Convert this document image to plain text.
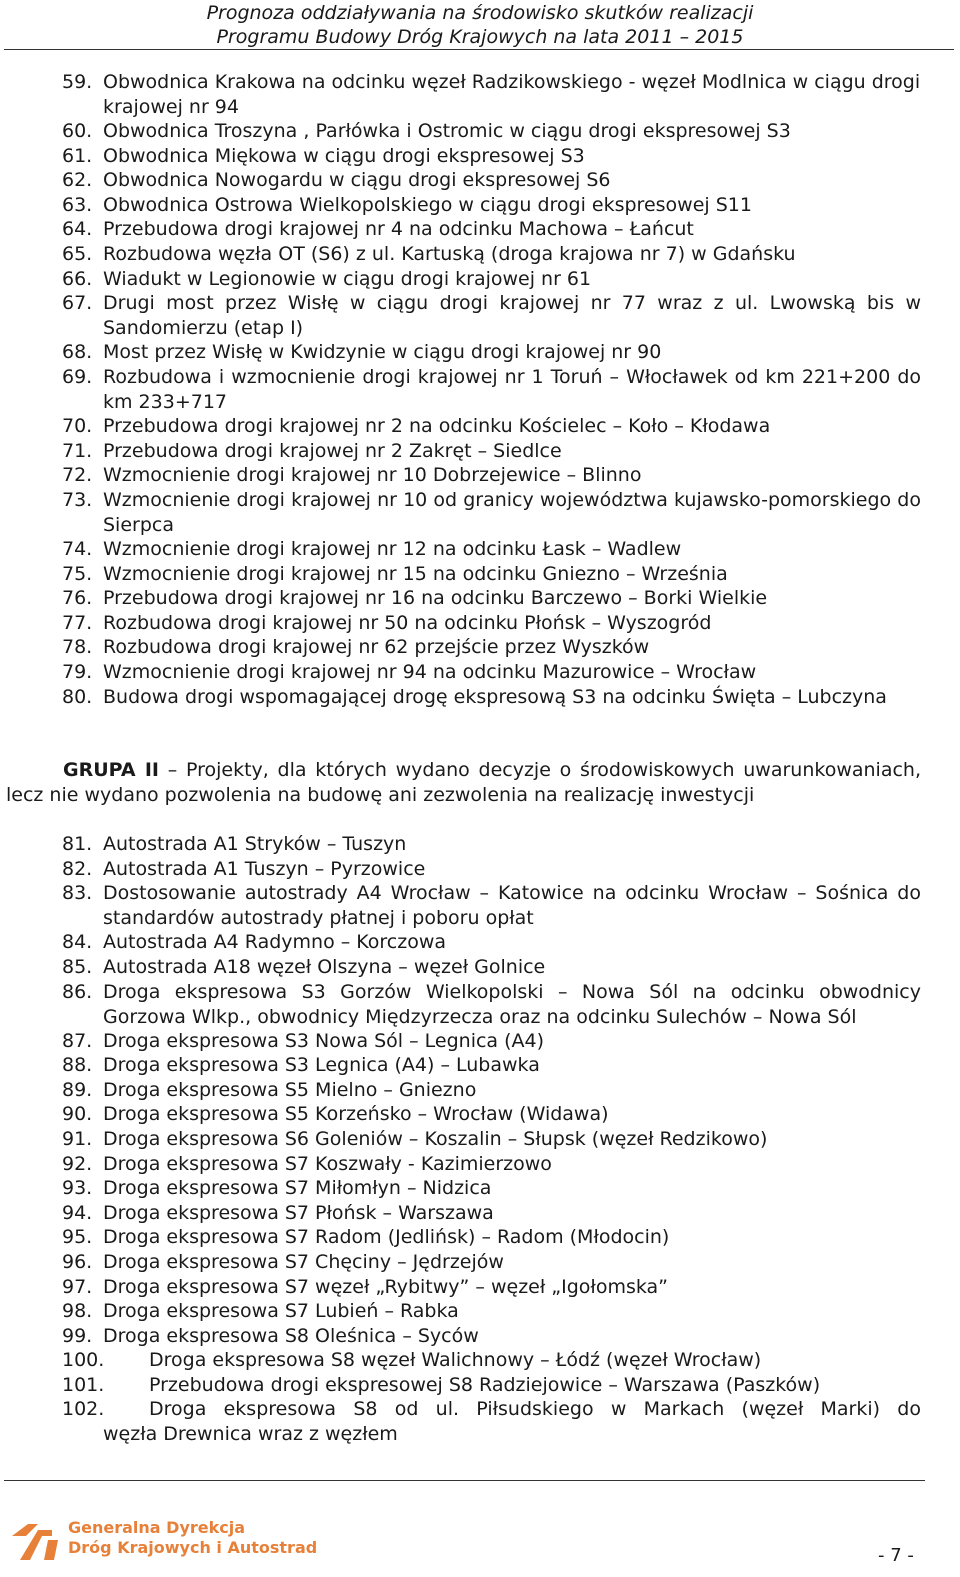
Prognoza oddziaływania na środowisko skutków realizacji
Programu Budowy Dróg Krajowych na lata 2011 – 2015
59. Obwodnica Krakowa na odcinku węzeł Radzikowskiego - węzeł Modlnica w ciągu drogi krajowej nr 94
60. Obwodnica Troszyna , Parłówka i Ostromic w ciągu drogi ekspresowej S3
61. Obwodnica Miękowa w ciągu drogi ekspresowej S3
62. Obwodnica Nowogardu w ciągu drogi ekspresowej S6
63. Obwodnica Ostrowa Wielkopolskiego w ciągu drogi ekspresowej S11
64. Przebudowa drogi krajowej nr 4 na odcinku Machowa – Łańcut
65. Rozbudowa węzła OT (S6) z ul. Kartuską (droga krajowa nr 7) w Gdańsku
66. Wiadukt w Legionowie w ciągu drogi krajowej nr 61
67. Drugi most przez Wisłę w ciągu drogi krajowej nr 77 wraz z ul. Lwowską bis w Sandomierzu (etap I)
68. Most przez Wisłę w Kwidzynie w ciągu drogi krajowej nr 90
69. Rozbudowa i wzmocnienie drogi krajowej nr 1 Toruń – Włocławek od km 221+200 do km 233+717
70. Przebudowa drogi krajowej nr 2 na odcinku Kościelec – Koło – Kłodawa
71. Przebudowa drogi krajowej nr 2 Zakręt – Siedlce
72. Wzmocnienie drogi krajowej nr 10 Dobrzejewice – Blinno
73. Wzmocnienie drogi krajowej nr 10 od granicy województwa kujawsko-pomorskiego do Sierpca
74. Wzmocnienie drogi krajowej nr 12 na odcinku Łask – Wadlew
75. Wzmocnienie drogi krajowej nr 15 na odcinku Gniezno – Września
76. Przebudowa drogi krajowej nr 16 na odcinku Barczewo – Borki Wielkie
77. Rozbudowa drogi krajowej nr 50 na odcinku Płońsk – Wyszogród
78. Rozbudowa drogi krajowej nr 62 przejście przez Wyszków
79. Wzmocnienie drogi krajowej nr 94 na odcinku Mazurowice – Wrocław
80. Budowa drogi wspomagającej drogę ekspresową S3 na odcinku Święta – Lubczyna
GRUPA II – Projekty, dla których wydano decyzje o środowiskowych uwarunkowaniach, lecz nie wydano pozwolenia na budowę ani zezwolenia na realizację inwestycji
81. Autostrada A1 Stryków – Tuszyn
82. Autostrada A1 Tuszyn – Pyrzowice
83. Dostosowanie autostrady A4 Wrocław – Katowice na odcinku Wrocław – Sośnica do standardów autostrady płatnej i poboru opłat
84. Autostrada A4 Radymno – Korczowa
85. Autostrada A18 węzeł Olszyna – węzeł Golnice
86. Droga ekspresowa S3 Gorzów Wielkopolski – Nowa Sól na odcinku obwodnicy Gorzowa Wlkp., obwodnicy Międzyrzecza oraz na odcinku Sulechów – Nowa Sól
87. Droga ekspresowa S3 Nowa Sól – Legnica (A4)
88. Droga ekspresowa S3 Legnica (A4) – Lubawka
89. Droga ekspresowa S5 Mielno – Gniezno
90. Droga ekspresowa S5 Korzeńsko – Wrocław (Widawa)
91. Droga ekspresowa S6 Goleniów – Koszalin – Słupsk (węzeł Redzikowo)
92. Droga ekspresowa S7 Koszwały - Kazimierzowo
93. Droga ekspresowa S7 Miłomłyn – Nidzica
94. Droga ekspresowa S7 Płońsk – Warszawa
95. Droga ekspresowa S7 Radom (Jedlińsk) – Radom (Młodocin)
96. Droga ekspresowa S7 Chęciny – Jędrzejów
97. Droga ekspresowa S7 węzeł „Rybitwy” – węzeł „Igołomska”
98. Droga ekspresowa S7 Lubień – Rabka
99. Droga ekspresowa S8 Oleśnica – Syców
100. Droga ekspresowa S8 węzeł Walichnowy – Łódź (węzeł Wrocław)
101. Przebudowa drogi ekspresowej S8 Radziejowice – Warszawa (Paszków)
102. Droga ekspresowa S8 od ul. Piłsudskiego w Markach (węzeł Marki) do
węzła Drewnica wraz z węzłem
Generalna Dyrekcja
Dróg Krajowych i Autostrad	- 7 -
